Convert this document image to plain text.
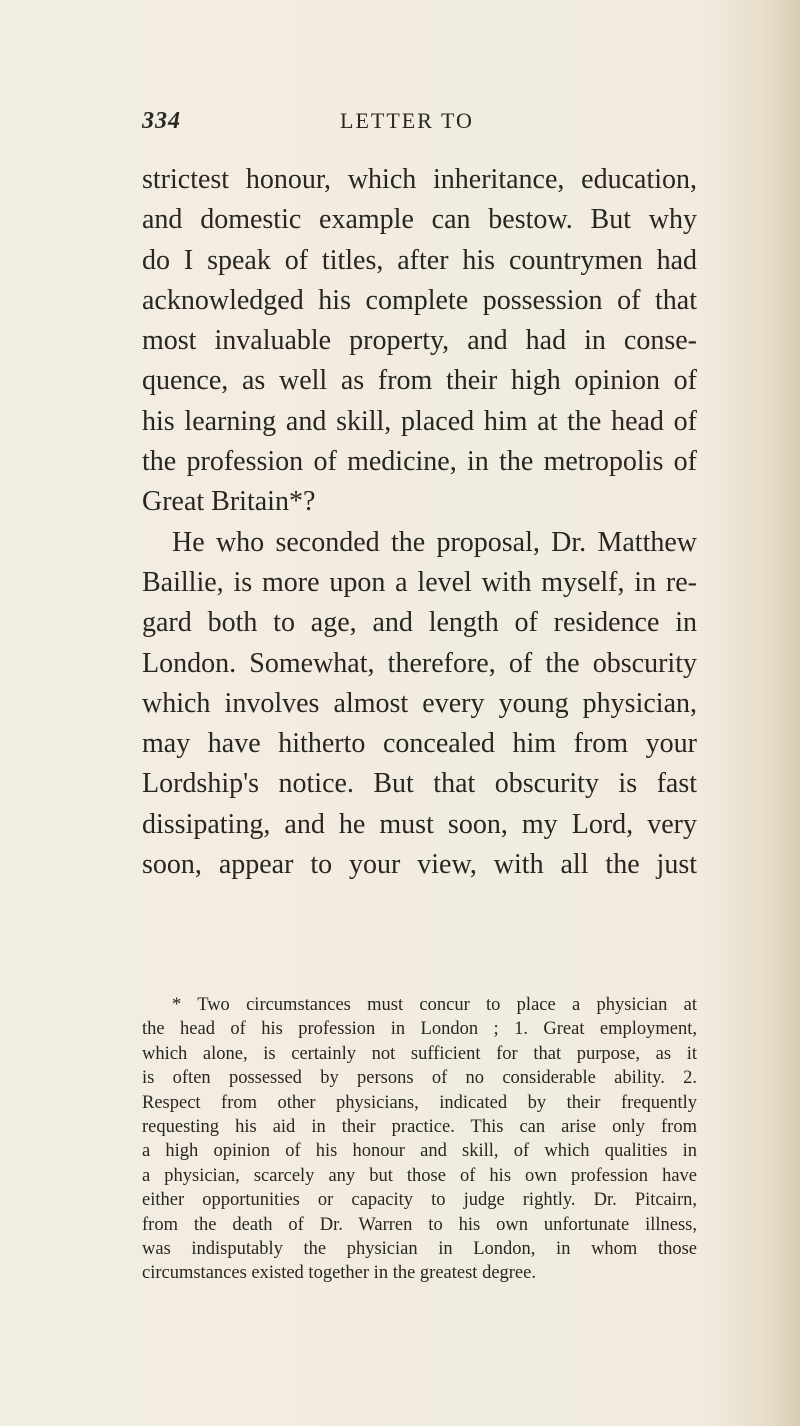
334	LETTER TO
strictest honour, which inheritance, education,
and domestic example can bestow. But why
do I speak of titles, after his countrymen had
acknowledged his complete possession of that
most invaluable property, and had in conse-
quence, as well as from their high opinion of
his learning and skill, placed him at the head of
the profession of medicine, in the metropolis of
Great Britain*?
He who seconded the proposal, Dr. Matthew
Baillie, is more upon a level with myself, in re-
gard both to age, and length of residence in
London. Somewhat, therefore, of the obscurity
which involves almost every young physician,
may have hitherto concealed him from your
Lordship's notice. But that obscurity is fast
dissipating, and he must soon, my Lord, very
soon, appear to your view, with all the just
* Two circumstances must concur to place a physician at
the head of his profession in London ; 1. Great employment,
which alone, is certainly not sufficient for that purpose, as it
is often possessed by persons of no considerable ability. 2.
Respect from other physicians, indicated by their frequently
requesting his aid in their practice. This can arise only from
a high opinion of his honour and skill, of which qualities in
a physician, scarcely any but those of his own profession have
either opportunities or capacity to judge rightly. Dr. Pitcairn,
from the death of Dr. Warren to his own unfortunate illness,
was indisputably the physician in London, in whom those
circumstances existed together in the greatest degree.
